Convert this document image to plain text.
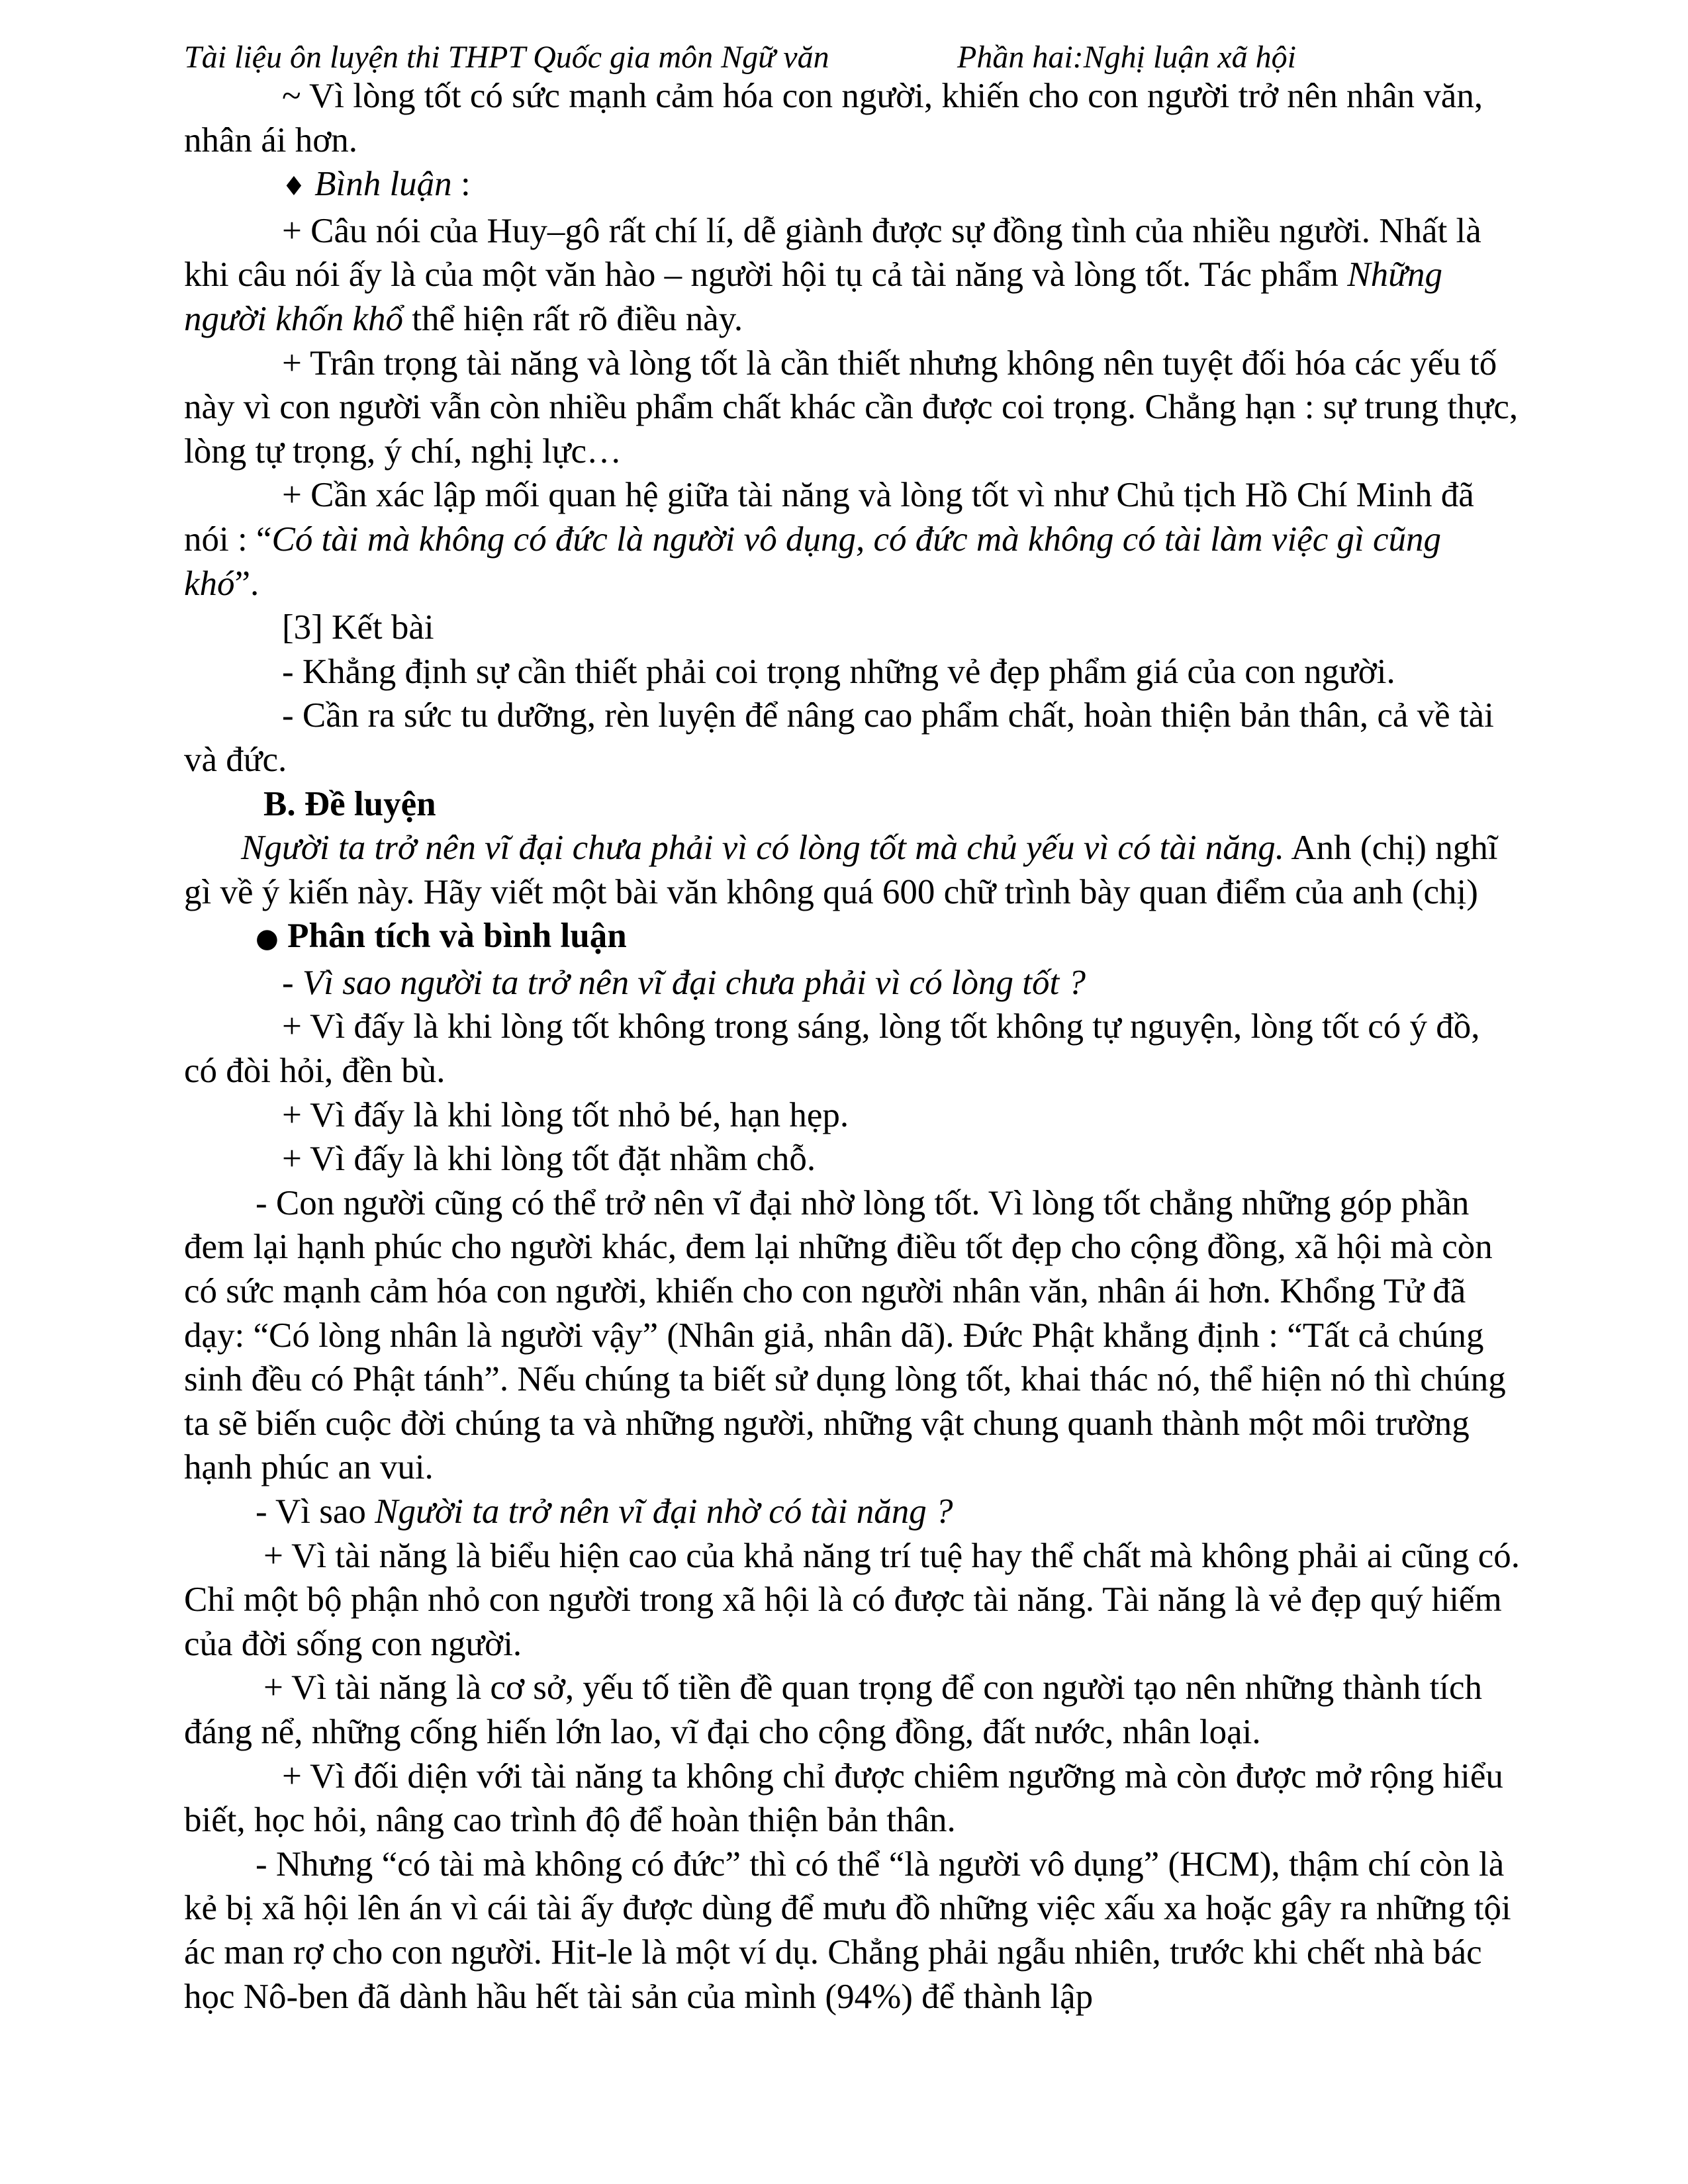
Tài liệu ôn luyện thi THPT Quốc gia môn Ngữ văn	Phần hai:Nghị luận xã hội

~ Vì lòng tốt có sức mạnh cảm hóa con người, khiến cho con người trở nên nhân văn, nhân ái hơn.

♦ Bình luận :

+ Câu nói của Huy–gô rất chí lí, dễ giành được sự đồng tình của nhiều người. Nhất là khi câu nói ấy là của một văn hào – người hội tụ cả tài năng và lòng tốt. Tác phẩm Những người khốn khổ thể hiện rất rõ điều này.

+ Trân trọng tài năng và lòng tốt là cần thiết nhưng không nên tuyệt đối hóa các yếu tố này vì con người vẫn còn nhiều phẩm chất khác cần được coi trọng. Chẳng hạn : sự trung thực, lòng tự trọng, ý chí, nghị lực…

+ Cần xác lập mối quan hệ giữa tài năng và lòng tốt vì như Chủ tịch Hồ Chí Minh đã nói : “Có tài mà không có đức là người vô dụng, có đức mà không có tài làm việc gì cũng khó”.

[3] Kết bài

- Khẳng định sự cần thiết phải coi trọng những vẻ đẹp phẩm giá của con người.

- Cần ra sức tu dưỡng, rèn luyện để nâng cao phẩm chất, hoàn thiện bản thân, cả về tài và đức.

B. Đề luyện

Người ta trở nên vĩ đại chưa phải vì có lòng tốt mà chủ yếu vì có tài năng. Anh (chị) nghĩ gì về ý kiến này. Hãy viết một bài văn không quá 600 chữ trình bày quan điểm của anh (chị)

● Phân tích và bình luận

- Vì sao người ta trở nên vĩ đại chưa phải vì có lòng tốt ?

+ Vì đấy là khi lòng tốt không trong sáng, lòng tốt không tự nguyện, lòng tốt có ý đồ, có đòi hỏi, đền bù.

+ Vì đấy là khi lòng tốt nhỏ bé, hạn hẹp.

+ Vì đấy là khi lòng tốt đặt nhầm chỗ.

- Con người cũng có thể trở nên vĩ đại nhờ lòng tốt. Vì lòng tốt chẳng những góp phần đem lại hạnh phúc cho người khác, đem lại những điều tốt đẹp cho cộng đồng, xã hội mà còn có sức mạnh cảm hóa con người, khiến cho con người nhân văn, nhân ái hơn. Khổng Tử đã dạy: “Có lòng nhân là người vậy” (Nhân giả, nhân dã). Đức Phật khẳng định : “Tất cả chúng sinh đều có Phật tánh”. Nếu chúng ta biết sử dụng lòng tốt, khai thác nó, thể hiện nó thì chúng ta sẽ biến cuộc đời chúng ta và những người, những vật chung quanh thành một môi trường hạnh phúc an vui.

- Vì sao Người ta trở nên vĩ đại nhờ có tài năng ?

+ Vì tài năng là biểu hiện cao của khả năng trí tuệ hay thể chất mà không phải ai cũng có. Chỉ một bộ phận nhỏ con người trong xã hội là có được tài năng. Tài năng là vẻ đẹp quý hiếm của đời sống con người.

+ Vì tài năng là cơ sở, yếu tố tiền đề quan trọng để con người tạo nên những thành tích đáng nể, những cống hiến lớn lao, vĩ đại cho cộng đồng, đất nước, nhân loại.

+ Vì đối diện với tài năng ta không chỉ được chiêm ngưỡng mà còn được mở rộng hiểu biết, học hỏi, nâng cao trình độ để hoàn thiện bản thân.

- Nhưng “có tài mà không có đức” thì có thể “là người vô dụng” (HCM), thậm chí còn là kẻ bị xã hội lên án vì cái tài ấy được dùng để mưu đồ những việc xấu xa hoặc gây ra những tội ác man rợ cho con người. Hit-le là một ví dụ. Chẳng phải ngẫu nhiên, trước khi chết nhà bác học Nô-ben đã dành hầu hết tài sản của mình (94%) để thành lập
